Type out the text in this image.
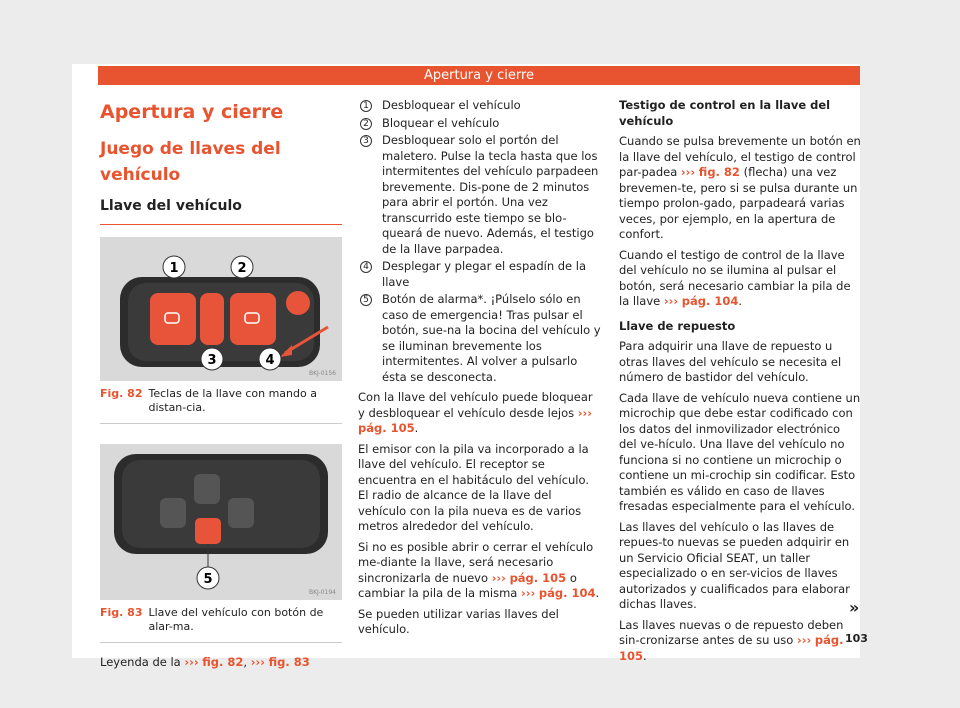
Apertura y cierre
Apertura y cierre
Juego de llaves del vehículo
Llave del vehículo
1	2
3	4
BKJ-0156
Fig. 82 Teclas de la llave con mando a distan-cia.
5
BKJ-0194
Fig. 83 Llave del vehículo con botón de alar-ma.

Leyenda de la ››› fig. 82, ››› fig. 83

1 Desbloquear el vehículo
2 Bloquear el vehículo
3 Desbloquear solo el portón del maletero. Pulse la tecla hasta que los intermitentes del vehículo parpadeen brevemente. Dis-pone de 2 minutos para abrir el portón. Una vez transcurrido este tiempo se blo-queará de nuevo. Además, el testigo de la llave parpadea.
4 Desplegar y plegar el espadín de la llave
5 Botón de alarma*. ¡Púlselo sólo en caso de emergencia! Tras pulsar el botón, sue-na la bocina del vehículo y se iluminan brevemente los intermitentes. Al volver a pulsarlo ésta se desconecta.

Con la llave del vehículo puede bloquear y desbloquear el vehículo desde lejos ››› pág. 105.

El emisor con la pila va incorporado a la llave del vehículo. El receptor se encuentra en el habitáculo del vehículo. El radio de alcance de la llave del vehículo con la pila nueva es de varios metros alrededor del vehículo.

Si no es posible abrir o cerrar el vehículo me-diante la llave, será necesario sincronizarla de nuevo ››› pág. 105 o cambiar la pila de la misma ››› pág. 104.

Se pueden utilizar varias llaves del vehículo.

Testigo de control en la llave del vehículo

Cuando se pulsa brevemente un botón en la llave del vehículo, el testigo de control par-padea ››› fig. 82 (flecha) una vez brevemen-te, pero si se pulsa durante un tiempo prolon-gado, parpadeará varias veces, por ejemplo, en la apertura de confort.

Cuando el testigo de control de la llave del vehículo no se ilumina al pulsar el botón, será necesario cambiar la pila de la llave ››› pág. 104.

Llave de repuesto

Para adquirir una llave de repuesto u otras llaves del vehículo se necesita el número de bastidor del vehículo.

Cada llave de vehículo nueva contiene un microchip que debe estar codificado con los datos del inmovilizador electrónico del ve-hículo. Una llave del vehículo no funciona si no contiene un microchip o contiene un mi-crochip sin codificar. Esto también es válido en caso de llaves fresadas especialmente para el vehículo.

Las llaves del vehículo o las llaves de repues-to nuevas se pueden adquirir en un Servicio Oficial SEAT, un taller especializado o en ser-vicios de llaves autorizados y cualificados para elaborar dichas llaves.

Las llaves nuevas o de repuesto deben sin-cronizarse antes de su uso ››› pág. 105.

»
103
